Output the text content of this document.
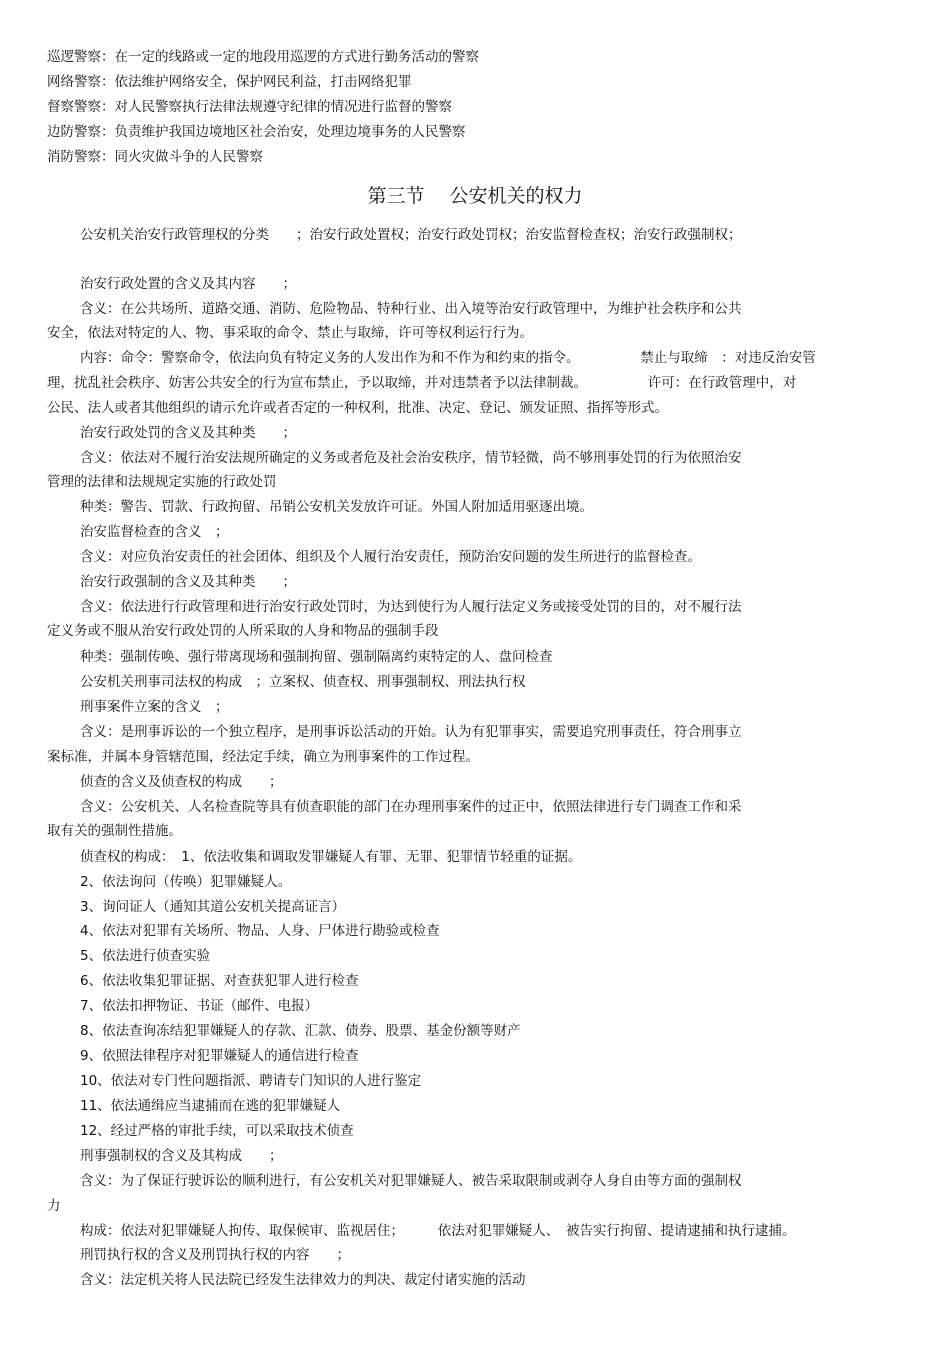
巡逻警察：在一定的线路或一定的地段用巡逻的方式进行勤务活动的警察
网络警察：依法维护网络安全，保护网民利益，打击网络犯罪
督察警察：对人民警察执行法律法规遵守纪律的情况进行监督的警察
边防警察：负责维护我国边境地区社会治安，处理边境事务的人民警察
消防警察：同火灾做斗争的人民警察
第三节　 公安机关的权力
公安机关治安行政管理权的分类　　；治安行政处置权；治安行政处罚权；治安监督检查权；治安行政强制权；
治安行政处置的含义及其内容　　；
含义：在公共场所、道路交通、消防、危险物品、特种行业、出入境等治安行政管理中，为维护社会秩序和公共
安全，依法对特定的人、物、事采取的命令、禁止与取缔，许可等权利运行行为。
内容：命令：警察命令，依法向负有特定义务的人发出作为和不作为和约束的指令。　　　　　禁止与取缔　：对违反治安管
理，扰乱社会秩序、妨害公共安全的行为宣布禁止，予以取缔，并对违禁者予以法律制裁。　　　　　许可：在行政管理中，对
公民、法人或者其他组织的请示允许或者否定的一种权利，批准、决定、登记、颁发证照、指挥等形式。
治安行政处罚的含义及其种类　　；
含义：依法对不履行治安法规所确定的义务或者危及社会治安秩序，情节轻微，尚不够刑事处罚的行为依照治安
管理的法律和法规规定实施的行政处罚
种类：警告、罚款、行政拘留、吊销公安机关发放许可证。外国人附加适用驱逐出境。
治安监督检查的含义　；
含义：对应负治安责任的社会团体、组织及个人履行治安责任，预防治安问题的发生所进行的监督检查。
治安行政强制的含义及其种类　　；
含义：依法进行行政管理和进行治安行政处罚时，为达到使行为人履行法定义务或接受处罚的目的，对不履行法
定义务或不服从治安行政处罚的人所采取的人身和物品的强制手段
种类：强制传唤、强行带离现场和强制拘留、强制隔离约束特定的人、盘问检查
公安机关刑事司法权的构成　；立案权、侦查权、刑事强制权、刑法执行权
刑事案件立案的含义　；
含义：是刑事诉讼的一个独立程序，是刑事诉讼活动的开始。认为有犯罪事实，需要追究刑事责任，符合刑事立
案标准，并属本身管辖范围，经法定手续，确立为刑事案件的工作过程。
侦查的含义及侦查权的构成　　；
含义：公安机关、人名检查院等具有侦查职能的部门在办理刑事案件的过正中，依照法律进行专门调查工作和采
取有关的强制性措施。
侦查权的构成：　1、依法收集和调取发罪嫌疑人有罪、无罪、犯罪情节轻重的证据。
2、依法询问（传唤）犯罪嫌疑人。
3、询问证人（通知其道公安机关提高证言）
4、依法对犯罪有关场所、物品、人身、尸体进行勘验或检查
5、依法进行侦查实验
6、依法收集犯罪证据、对查获犯罪人进行检查
7、依法扣押物证、书证（邮件、电报）
8、依法查询冻结犯罪嫌疑人的存款、汇款、债券、股票、基金份额等财产
9、依照法律程序对犯罪嫌疑人的通信进行检查
10、依法对专门性问题指派、聘请专门知识的人进行鉴定
11、依法通缉应当逮捕而在逃的犯罪嫌疑人
12、经过严格的审批手续，可以采取技术侦查
刑事强制权的含义及其构成　　；
含义：为了保证行驶诉讼的顺利进行，有公安机关对犯罪嫌疑人、被告采取限制或剥夺人身自由等方面的强制权
力
构成：依法对犯罪嫌疑人拘传、取保候审、监视居住；　　　依法对犯罪嫌疑人、　被告实行拘留、提请逮捕和执行逮捕。
刑罚执行权的含义及刑罚执行权的内容　　；
含义：法定机关将人民法院已经发生法律效力的判决、裁定付诸实施的活动
